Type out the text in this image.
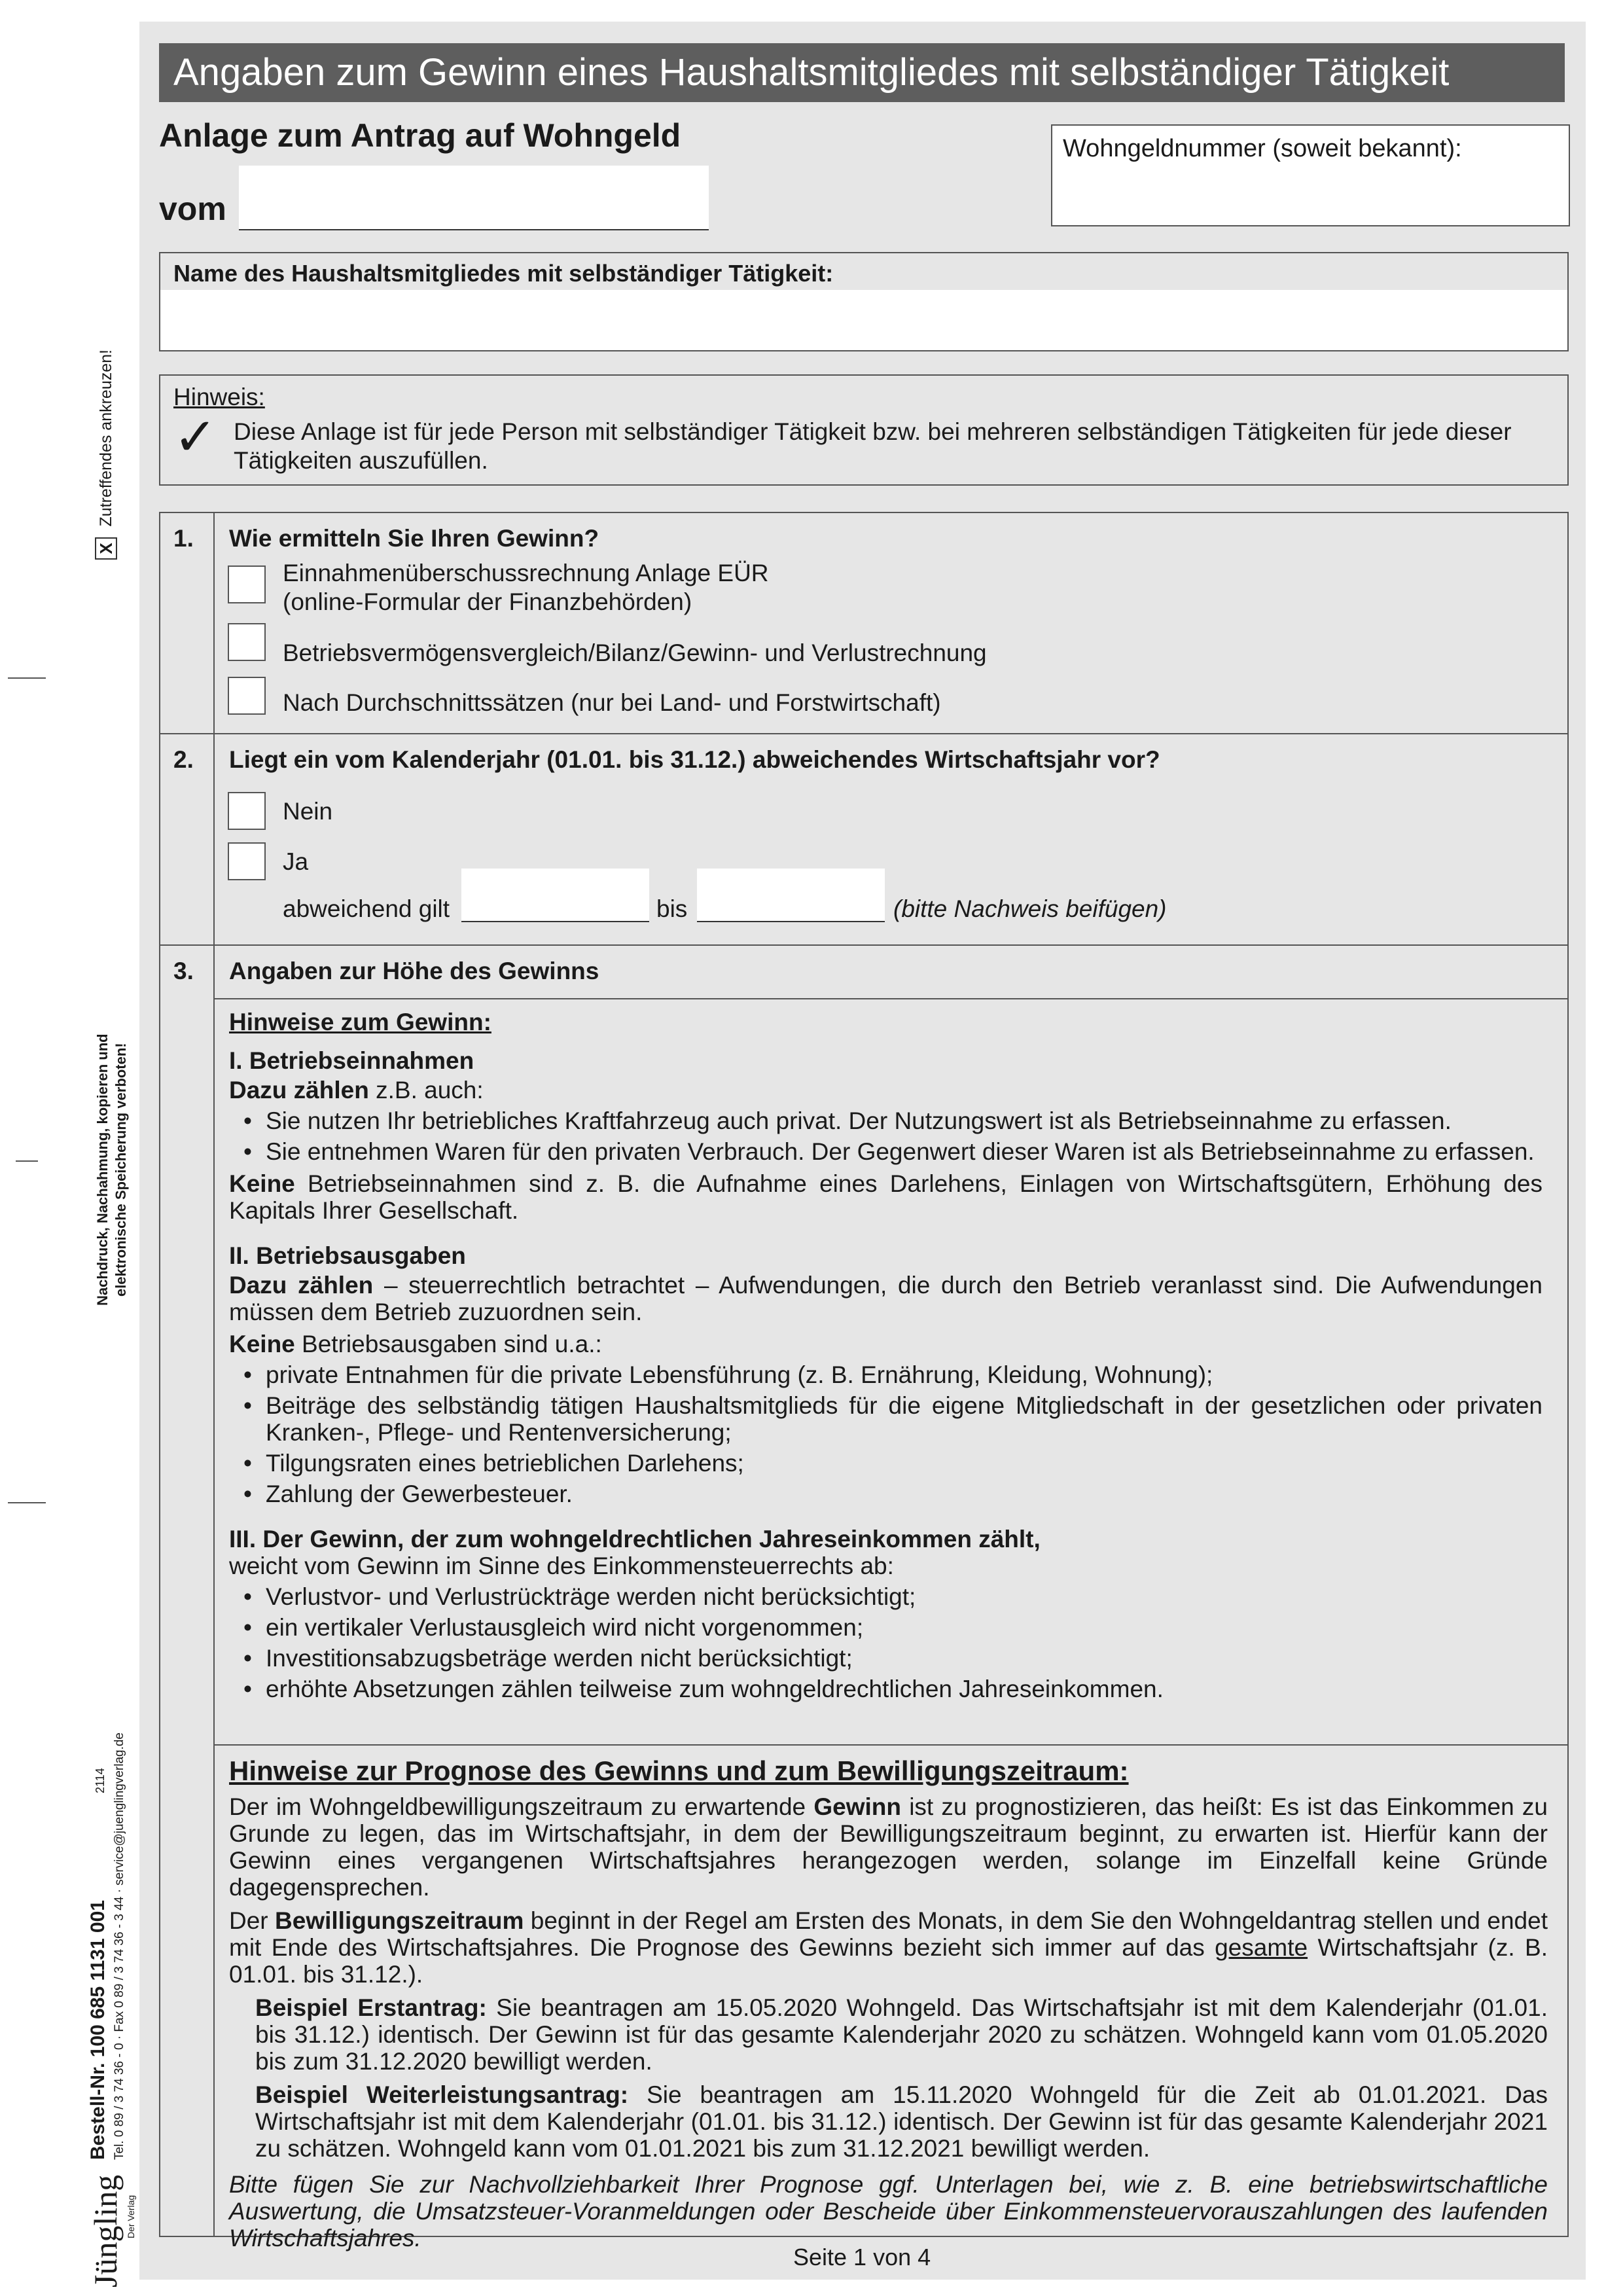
X Zutreffendes ankreuzen!
Nachdruck, Nachahmung, kopieren und elektronische Speicherung verboten!
Bestell-Nr. 100 685 1131 001 Tel. 0 89 / 3 74 36 - 0 · Fax 0 89 / 3 74 36 - 3 44 · service@juenglingverlag.de
2114
Jüngling Der Verlag
Angaben zum Gewinn eines Haushaltsmitgliedes mit selbständiger Tätigkeit
Anlage zum Antrag auf Wohngeld
vom
Wohngeldnummer (soweit bekannt):
Name des Haushaltsmitgliedes mit selbständiger Tätigkeit:
Hinweis:
✓ Diese Anlage ist für jede Person mit selbständiger Tätigkeit bzw. bei mehreren selbständigen Tätigkeiten für jede dieser Tätigkeiten auszufüllen.
1. Wie ermitteln Sie Ihren Gewinn?
Einnahmenüberschussrechnung Anlage EÜR
(online-Formular der Finanzbehörden)
Betriebsvermögensvergleich/Bilanz/Gewinn- und Verlustrechnung
Nach Durchschnittssätzen (nur bei Land- und Forstwirtschaft)
2. Liegt ein vom Kalenderjahr (01.01. bis 31.12.) abweichendes Wirtschaftsjahr vor?
Nein
Ja
abweichend gilt	bis	(bitte Nachweis beifügen)
3. Angaben zur Höhe des Gewinns

Hinweise zum Gewinn:

I. Betriebseinnahmen

Dazu zählen z.B. auch:

• Sie nutzen Ihr betriebliches Kraftfahrzeug auch privat. Der Nutzungswert ist als Betriebseinnahme zu erfassen.
• Sie entnehmen Waren für den privaten Verbrauch. Der Gegenwert dieser Waren ist als Betriebseinnahme zu erfassen.

Keine Betriebseinnahmen sind z. B. die Aufnahme eines Darlehens, Einlagen von Wirtschaftsgütern, Erhöhung des Kapitals Ihrer Gesellschaft.

II. Betriebsausgaben

Dazu zählen – steuerrechtlich betrachtet – Aufwendungen, die durch den Betrieb veranlasst sind. Die Aufwendungen müssen dem Betrieb zuzuordnen sein.

Keine Betriebsausgaben sind u.a.:

• private Entnahmen für die private Lebensführung (z. B. Ernährung, Kleidung, Wohnung);
• Beiträge des selbständig tätigen Haushaltsmitglieds für die eigene Mitgliedschaft in der gesetzlichen oder privaten Kranken-, Pflege- und Rentenversicherung;
• Tilgungsraten eines betrieblichen Darlehens;
• Zahlung der Gewerbesteuer.

III. Der Gewinn, der zum wohngeldrechtlichen Jahreseinkommen zählt,

weicht vom Gewinn im Sinne des Einkommensteuerrechts ab:

• Verlustvor- und Verlustrückträge werden nicht berücksichtigt;
• ein vertikaler Verlustausgleich wird nicht vorgenommen;
• Investitionsabzugsbeträge werden nicht berücksichtigt;
• erhöhte Absetzungen zählen teilweise zum wohngeldrechtlichen Jahreseinkommen.

Hinweise zur Prognose des Gewinns und zum Bewilligungszeitraum:

Der im Wohngeldbewilligungszeitraum zu erwartende Gewinn ist zu prognostizieren, das heißt: Es ist das Einkommen zu Grunde zu legen, das im Wirtschaftsjahr, in dem der Bewilligungszeitraum beginnt, zu erwarten ist. Hierfür kann der Gewinn eines vergangenen Wirtschaftsjahres herangezogen werden, solange im Einzelfall keine Gründe dagegensprechen.

Der Bewilligungszeitraum beginnt in der Regel am Ersten des Monats, in dem Sie den Wohngeldantrag stellen und endet mit Ende des Wirtschaftsjahres. Die Prognose des Gewinns bezieht sich immer auf das gesamte Wirtschaftsjahr (z. B. 01.01. bis 31.12.).

Beispiel Erstantrag: Sie beantragen am 15.05.2020 Wohngeld. Das Wirtschaftsjahr ist mit dem Kalenderjahr (01.01. bis 31.12.) identisch. Der Gewinn ist für das gesamte Kalenderjahr 2020 zu schätzen. Wohngeld kann vom 01.05.2020 bis zum 31.12.2020 bewilligt werden.

Beispiel Weiterleistungsantrag: Sie beantragen am 15.11.2020 Wohngeld für die Zeit ab 01.01.2021. Das Wirtschaftsjahr ist mit dem Kalenderjahr (01.01. bis 31.12.) identisch. Der Gewinn ist für das gesamte Kalenderjahr 2021 zu schätzen. Wohngeld kann vom 01.01.2021 bis zum 31.12.2021 bewilligt werden.

Bitte fügen Sie zur Nachvollziehbarkeit Ihrer Prognose ggf. Unterlagen bei, wie z. B. eine betriebswirtschaftliche Auswertung, die Umsatzsteuer-Voranmeldungen oder Bescheide über Einkommensteuervorauszahlungen des laufenden Wirtschaftsjahres.

Seite 1 von 4
